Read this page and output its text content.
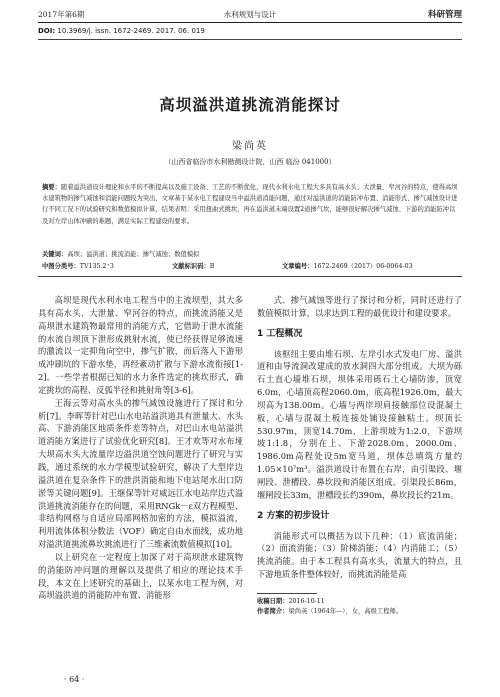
2017年第6期	水利规划与设计	科研管理
DOI: 10.3969/j. issn. 1672-2469. 2017. 06. 019
高坝溢洪道挑流消能探讨
梁尚英
（山西省临汾市水利勘测设计院，山西 临汾 041000）
摘要：随着溢洪道设计理论和水平的不断提高以及施工设备、工艺的不断优化，现代水利水电工程大多具有高水头、大泄量、窄河谷的特点，使得高坝水建筑物的掺气减蚀和消能问题较为突出，文章基于某水电工程建设当中溢洪道消能问题，通过对溢洪道的消能防冲布置、消能形式、掺气减蚀设计进行不同工况下的试验研究和数值模拟计算，结果表明：采用扭曲式挑坎，再在溢洪道末端设置2道掺气坎，能够很好解决掺气减蚀、下游的消能防冲以及对左岸山体冲刷的难题，满足实际工程建设的要求。
关键词：高坝；溢洪道；挑流消能；掺气减蚀；数值模拟
中图分类号：TV135.2⁺3	文献标识码：B	文章编号：1672-2469（2017）06-0064-03

高坝是现代水利水电工程当中的主流坝型，其大多具有高水头、大泄量、窄河谷的特点，而挑流消能又是高坝泄水建筑物最常用的消能方式，它借助于泄水流能的水流自坝顶下泄形成挑射水流，使已经获得足够流速的激流以一定抑角向空中，掺气扩散，而后落入下游形成冲刷坑的下游水垫，再经紊动扩散与下游水流衔接[1-2]。一些学者根据已知的水力条件选定的挑坎形式，确定挑坎的高程、反弧半径和挑射角等[3-6]。

王海云等对高水头的掺气减蚀设施进行了探讨和分析[7]。李晖等针对巴山水电站溢洪道具有泄量大、水头高、下游消能区地质条件差等特点，对巴山水电站溢洪道消能方案进行了试验优化研究[8]。王才欢等对水布垭大坝高水头大流量岸边溢洪道空蚀问题进行了研究与实践，通过系统的水力学模型试验研究，解决了大型岸边溢洪道在复杂条件下的泄洪消能和地下电站尾水出口防淤等关键问题[9]。王继保等针对威远江水电站岸边式溢洪道挑流消能存在的问题，采用RNGk－ε双方程模型、非结构网格与自适应局部网格加密的方法，模拟溢流，利用流体体积分数法（VOF）确定自由水面线，成功地对溢洪道挑流鼻坎挑流进行了三维紊流数值模拟[10]。

以上研究在一定程度上加深了对于高坝泄水建筑物的消能防冲问题的理解以及提供了相应的理论技术手段，本文在上述研究的基础上，以某水电工程为例，对高坝溢洪道的消能防冲布置、消能形

式、掺气减蚀等进行了探讨和分析，同时还进行了数值模拟计算，以求达到工程的最优设计和建设要求。

1 工程概况

该枢纽主要由堆石坝、左岸引水式发电厂房、溢洪道和由导流洞改建成的放水洞四大部分组成。大坝为砾石土直心墙堆石坝，坝体采用砾石土心墙防渗，顶宽6.0m，心墙顶高程2060.0m，底高程1926.0m，最大坝高为138.00m。心墙与两岸坝肩接触部位设混凝土板，心墙与混凝土板连接处铺设接触粘土。坝顶长530.97m，顶宽14.70m，上游坝坡为1:2.0，下游坝坡1:1.8，分别在上、下游2028.0m、2000.0m、1986.0m高程处设5m宽马道，坝体总填筑方量约1.05×10⁷m³。溢洪道设计布置在右岸，由引渠段、堰闸段、泄槽段、鼻坎段和消能区组成。引渠段长86m，堰闸段长33m，泄槽段长约390m，鼻坎段长约21m。

2 方案的初步设计

消能形式可以概括为以下几种：（1）底流消能；（2）面流消能；（3）阶梯消能；（4）内消能工；（5）挑流消能。由于本工程具有高水头，流量大的特点，且下游地质条件整体较好，而挑流消能是高

收稿日期：2016-10-11
作者简介：梁尚英（1964年—），女，高级工程师。
· 64 ·
